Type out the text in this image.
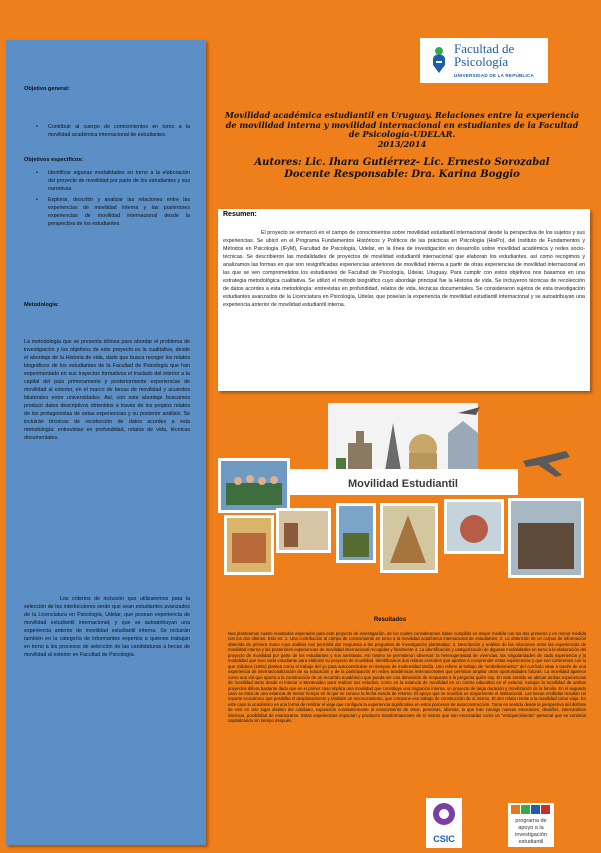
Objetivo general:
• Contribuir al cuerpo de conocimientos en torno a la movilidad académica internacional de estudiantes.
Objetivos específicos:
• Identificar algunas modalidades en torno a la elaboración del proyecto de movilidad por parte de los estudiantes y sus narrativas.
• Explorar, describir y analizar las relaciones entre las experiencias de movilidad interna y las posteriores experiencias de movilidad internacional desde la perspectiva de los estudiantes.
Metodología:
La metodología que se presenta idónea para abordar el problema de investigación y los objetivos de este proyecto es la cualitativa, desde el abordaje de la Historia de vida, dado que busca recoger los relatos biográficos de los estudiantes de la Facultad de Psicología que han experimentado en sus trayectos formativos el traslado del interior a la capital del país primeramente y posteriormente experiencias de movilidad al exterior, en el marco de becas de movilidad y acuerdos bilaterales entre universidades. Así, con este abordaje buscamos producir datos descriptivos obtenidos a través de los propios relatos de los protagonistas de estas experiencias y su posterior análisis. Se incluirán técnicas de recolección de datos acordes a esta metodología: entrevistas en profundidad, relatos de vida, técnicas documentales.
Los criterios de inclusión que utilizaremos para la selección de los interlocutores serán que sean estudiantes avanzados de la Licenciatura en Psicología, Udelar, que posean experiencia de movilidad estudiantil internacional; y que se autoatribuyan una experiencia anterior de movilidad estudiantil interna. Se incluirán también en la categoría de informantes expertos a quienes trabajan en torno a los procesos de selección de las candidaturas a becas de movilidad al exterior en Facultad de Psicología.
Facultad de
Psicología
UNIVERSIDAD DE LA REPÚBLICA
Movilidad académica estudiantil en Uruguay. Relaciones entre la experiencia
de movilidad interna y movilidad internacional en estudiantes de la Facultad
de Psicología-UDELAR.
2013/2014
Autores: Lic. Ihara Gutiérrez- Lic. Ernesto Sorozabal
Docente Responsable: Dra. Karina Boggio
Resumen:
El proyecto se enmarcó en el campo de conocimientos sobre movilidad estudiantil internacional desde la perspectiva de los sujetos y sus experiencias. Se ubicó en el Programa Fundamentos Históricos y Políticos de las prácticas en Psicología (HisPo), del Instituto de Fundamentos y Métodos en Psicología (IFyM), Facultad de Psicología, Udelar, en la línea de investigación en desarrollo sobre movilidad académica y redes socio-técnicas. Se describieron las modalidades de proyectos de movilidad estudiantil internacional que elaboran los estudiantes, así como recogimos y analizamos las formas en que son resignificadas experiencias anteriores de movilidad interna a partir de otras experiencias de movilidad internacional en las que se ven comprometidos los estudiantes de Facultad de Psicología, Udelar, Uruguay. Para cumplir con estos objetivos nos basamos en una estrategia metodológica cualitativa. Se utilizó el método biográfico cuyo abordaje principal fue la Historia de vida. Se incluyeron técnicas de recolección de datos acordes a esta metodología: entrevistas en profundidad, relatos de vida, técnicas documentales. Se consideraron sujetos de esta investigación estudiantes avanzados de la Licenciatura en Psicología, Udelar, que poseían la experiencia de movilidad estudiantil internacional y se autoatribuyan una experiencia anterior de movilidad estudiantil interna.
Movilidad Estudiantil
Resultados
Nos planteamos cuatro resultados esperados para este proyecto de investigación, de los cuales consideramos haber cumplido en mayor medida con los dos primeros y en menor medida con los dos últimos. Esto es: 1. Una contribución al campo de conocimiento en torno a la movilidad académica internacional de estudiantes; 2. La obtención de un corpus de información obtenida de primera mano cuyo análisis nos permitirá dar respuesta a las preguntas de investigación planteadas; 3. Descripción y análisis de las relaciones entre las experiencias de movilidad interna y las posteriores experiencias de movilidad internacional recogidas y finalmente 4. La identificación y categorización de algunas modalidades en torno a la elaboración del proyecto de movilidad por parte de los estudiantes y sus narrativas. Así mismo se permitieron observar: la heterogeneidad de vivencias, las singularidades de cada experiencia y la modalidad que tuvo cada estudiante para elaborar su proyecto de movilidad. Identificamos dos relatos centrales que aportan a comprender estas experiencias y que son coherentes con lo que Giddens (1991) plantea como el trabajo del yo para autoconstruirse en tiempos de modernidad tardía. Uno refiere al trabajo de "embellecimiento" del currículo vitae a través de una experiencia de internacionalización de su educación y de la participación en redes académicas internacionales que permitan ampliar otras oportunidades futuras. La movilidad aparece como una vía que aporta a la construcción de un recorrido académico que pueda ser una dimensión de respuesta a la pregunta quién soy. En este sentido se ubican ambas experiencias de movilidad tanto desde el interior a Montevideo para realizar sus estudios, como en la estancia de movilidad en un centro educativo en el exterior. Aunque la movilidad de ambos proyectos difiera bastante dado que en el primer caso implica una movilidad que constituye una migración interna, un proyecto de larga duración y movilización de la familia. En el segundo caso se trata de una estancia de menor tiempo en la que se conoce la fecha exacta de retorno. El apoyo que se moviliza es mayormente el institucional. Las becas recibidas resultan un soporte económico que posibilita el desplazamiento y también un reconocimiento, que compone ese trabajo de construcción de sí mismo. El otro relato remite a la movilidad como viaje. En este caso lo académico es una forma de realizar el viaje que configura la experiencia significativa en estos procesos de autoconstrucción. Toma en sentido desde la perspectiva del disfrute de vivir en otro lugar distinto del cotidiano, exposición constantemente al conocimiento de otros, personas, idiomas, lo que trae consigo nuevas emociones, desafíos, intercambios intensos, posibilidad de enamorarse. Estas experiencias impactan y producen transformaciones de sí mismo que son enunciadas como un "enriquecimiento" personal que se continúa capitalizando sin tiempo después.
CSIC
programa de
apoyo a la
investigación
estudiantil
